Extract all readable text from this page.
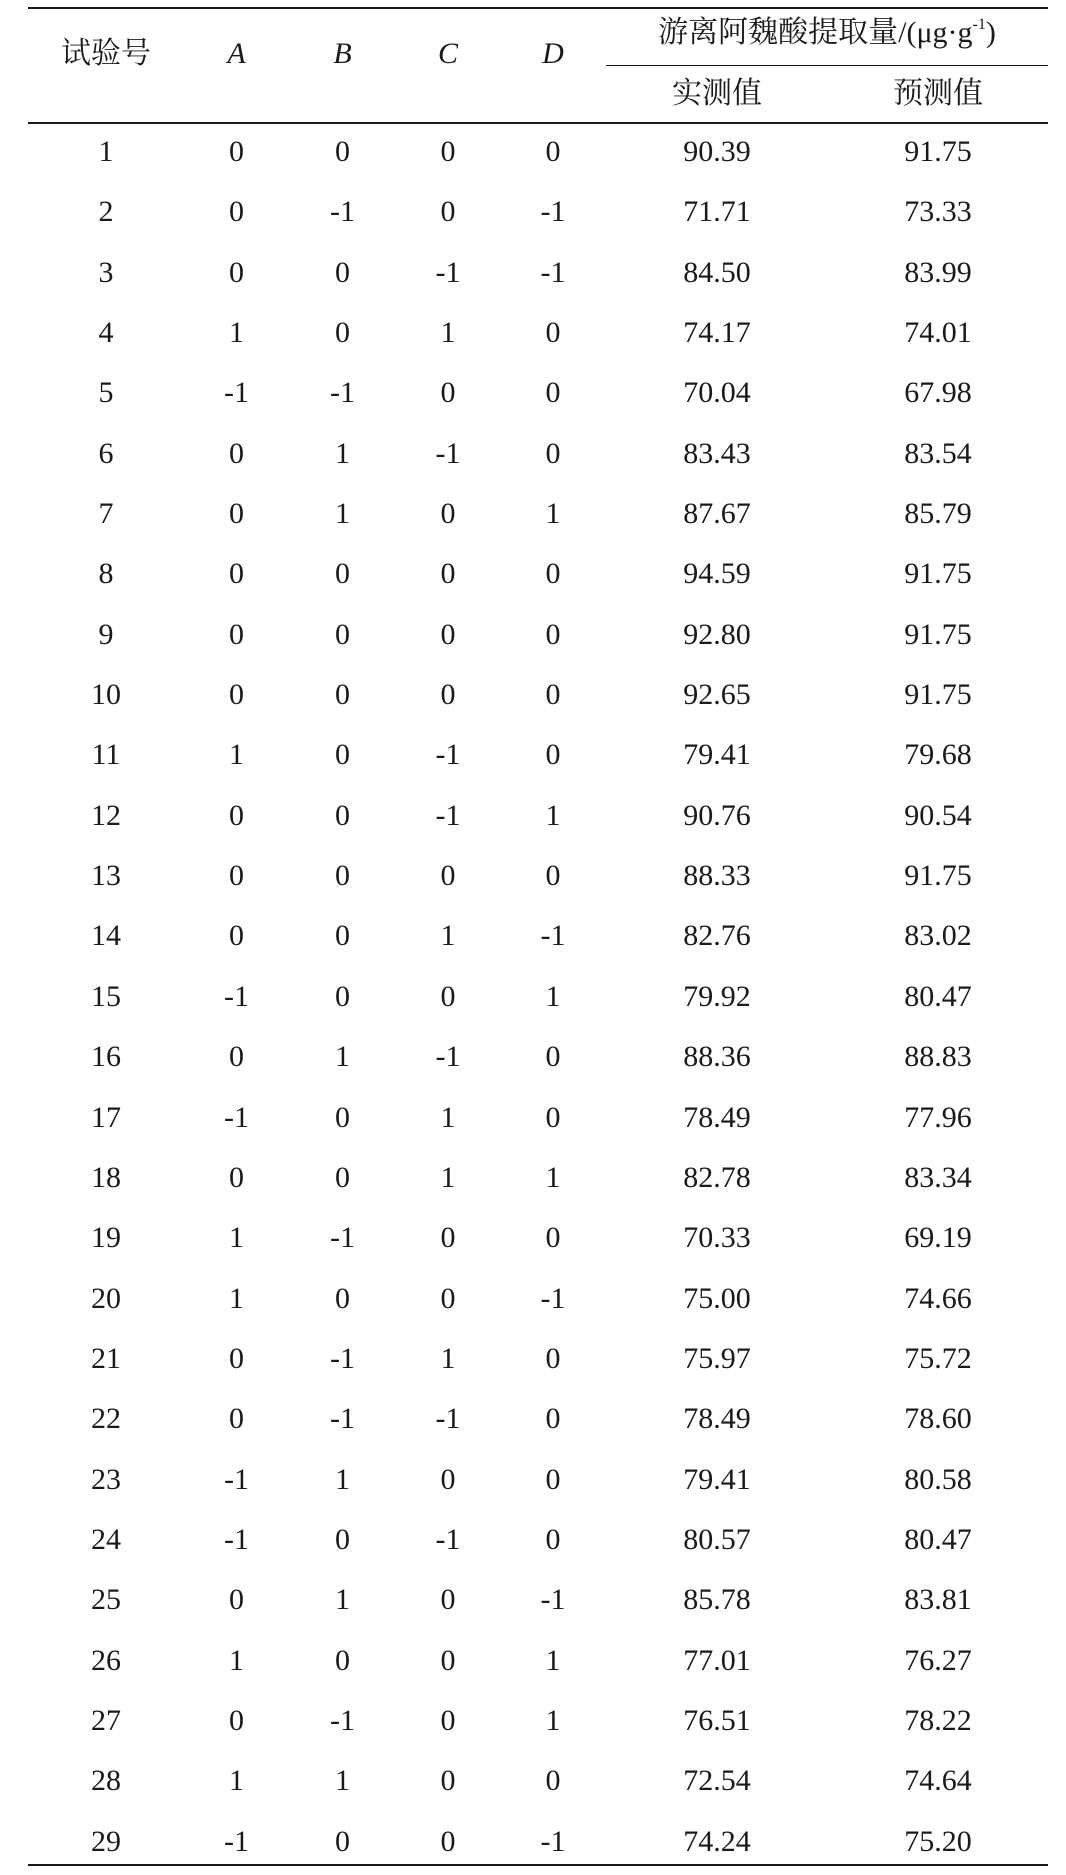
试验号	A	B	C	D
游离阿魏酸提取量$/(\mu g\cdot g^{-1})$
实测值	预测值
1	0	0	0	0	90.39	91.75
2	0	-1	0	-1	71.71	73.33
3	0	0	-1	-1	84.50	83.99
4	1	0	1	0	74.17	74.01
5	-1	-1	0	0	70.04	67.98
6	0	1	-1	0	83.43	83.54
7	0	1	0	1	87.67	85.79
8	0	0	0	0	94.59	91.75
9	0	0	0	0	92.80	91.75
10	0	0	0	0	92.65	91.75
11	1	0	-1	0	79.41	79.68
12	0	0	-1	1	90.76	90.54
13	0	0	0	0	88.33	91.75
14	0	0	1	-1	82.76	83.02
15	-1	0	0	1	79.92	80.47
16	0	1	-1	0	88.36	88.83
17	-1	0	1	0	78.49	77.96
18	0	0	1	1	82.78	83.34
19	1	-1	0	0	70.33	69.19
20	1	0	0	-1	75.00	74.66
21	0	-1	1	0	75.97	75.72
22	0	-1	-1	0	78.49	78.60
23	-1	1	0	0	79.41	80.58
24	-1	0	-1	0	80.57	80.47
25	0	1	0	-1	85.78	83.81
26	1	0	0	1	77.01	76.27
27	0	-1	0	1	76.51	78.22
28	1	1	0	0	72.54	74.64
29	-1	0	0	-1	74.24	75.20
